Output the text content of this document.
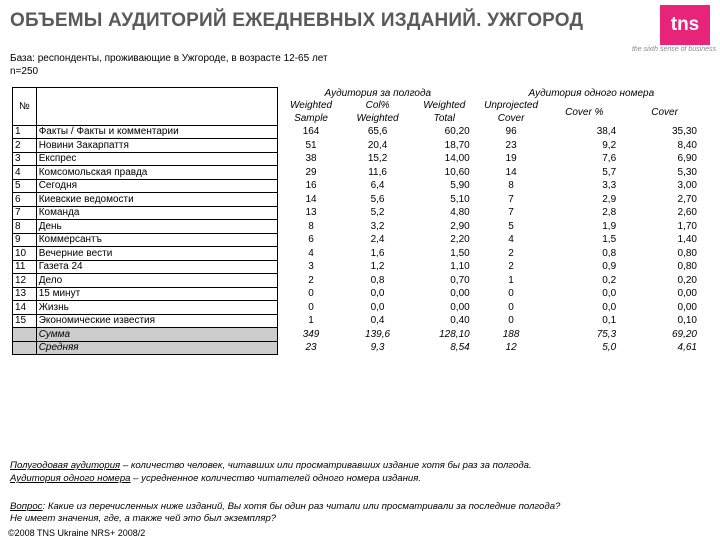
ОБЪЕМЫ АУДИТОРИЙ ЕЖЕДНЕВНЫХ ИЗДАНИЙ. УЖГОРОД	tns
the sixth sense of business
База: респонденты, проживающие в Ужгороде, в возрасте 12-65 лет
n=250
№		Аудитория за полгода			Аудитория одного номера		
		Weighted	Col%	Weighted	Unprojected	Cover %	Cover
		Sample	Weighted	Total	Cover		
1	Факты / Факты и комментарии	164	65,6	60,20	96	38,4	35,30
2	Новини Закарпаття	51	20,4	18,70	23	9,2	8,40
3	Експрес	38	15,2	14,00	19	7,6	6,90
4	Комсомольская правда	29	11,6	10,60	14	5,7	5,30
5	Сегодня	16	6,4	5,90	8	3,3	3,00
6	Киевские ведомости	14	5,6	5,10	7	2,9	2,70
7	Команда	13	5,2	4,80	7	2,8	2,60
8	День	8	3,2	2,90	5	1,9	1,70
9	Коммерсантъ	6	2,4	2,20	4	1,5	1,40
10	Вечерние вести	4	1,6	1,50	2	0,8	0,80
11	Газета 24	3	1,2	1,10	2	0,9	0,80
12	Дело	2	0,8	0,70	1	0,2	0,20
13	15 минут	0	0,0	0,00	0	0,0	0,00
14	Жизнь	0	0,0	0,00	0	0,0	0,00
15	Экономические известия	1	0,4	0,40	0	0,1	0,10
	Сумма	349	139,6	128,10	188	75,3	69,20
	Средняя	23	9,3	8,54	12	5,0	4,61
Полугодовая аудитория – количество человек, читавших или просматривавших издание хотя бы раз за полгода.
Аудитория одного номера – усредненное количество читателей одного номера издания.
Вопрос: Какие из перечисленных ниже изданий, Вы хотя бы один раз читали или просматривали за последние полгода?
Не имеет значения, где, а также чей это был экземпляр?
©2008 TNS Ukraine NRS+ 2008/2
